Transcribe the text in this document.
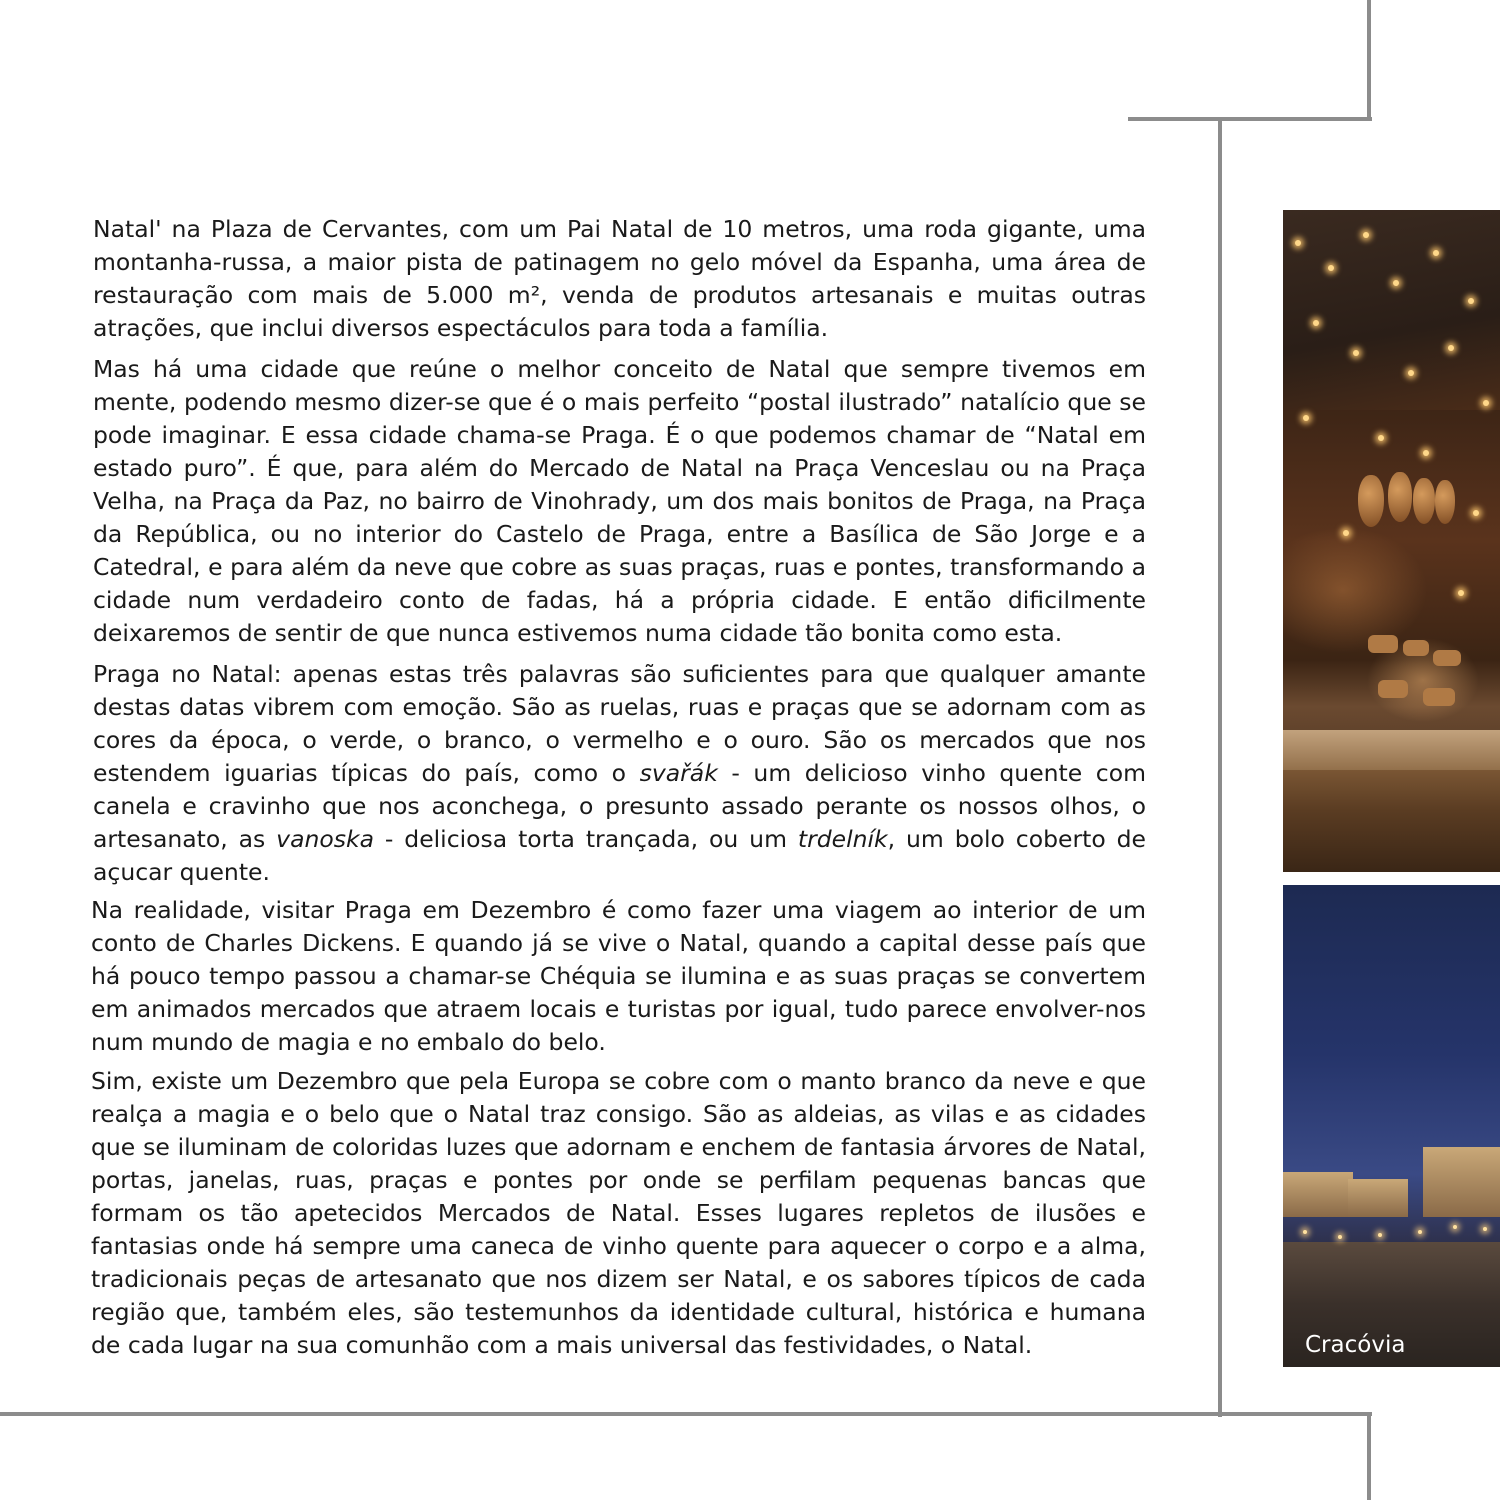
Natal' na Plaza de Cervantes, com um Pai Natal de 10 metros, uma roda gigante, uma montanha-russa, a maior pista de patinagem no gelo móvel da Espanha, uma área de restauração com mais de 5.000 m², venda de produtos artesanais e muitas outras atrações, que inclui diversos espectáculos para toda a família.

Mas há uma cidade que reúne o melhor conceito de Natal que sempre tivemos em mente, podendo mesmo dizer-se que é o mais perfeito “postal ilustrado” natalício que se pode imaginar. E essa cidade chama-se Praga. É o que podemos chamar de “Natal em estado puro”. É que, para além do Mercado de Natal na Praça Venceslau ou na Praça Velha, na Praça da Paz, no bairro de Vinohrady, um dos mais bonitos de Praga, na Praça da República, ou no interior do Castelo de Praga, entre a Basílica de São Jorge e a Catedral, e para além da neve que cobre as suas praças, ruas e pontes, transformando a cidade num verdadeiro conto de fadas, há a própria cidade. E então dificilmente deixaremos de sentir de que nunca estivemos numa cidade tão bonita como esta.

Praga no Natal: apenas estas três palavras são suficientes para que qualquer amante destas datas vibrem com emoção. São as ruelas, ruas e praças que se adornam com as cores da época, o verde, o branco, o vermelho e o ouro. São os mercados que nos estendem iguarias típicas do país, como o svařák - um delicioso vinho quente com canela e cravinho que nos aconchega, o presunto assado perante os nossos olhos, o artesanato, as vanoska - deliciosa torta trançada, ou um trdelník, um bolo coberto de açucar quente.

Na realidade, visitar Praga em Dezembro é como fazer uma viagem ao interior de um conto de Charles Dickens. E quando já se vive o Natal, quando a capital desse país que há pouco tempo passou a chamar-se Chéquia se ilumina e as suas praças se convertem em animados mercados que atraem locais e turistas por igual, tudo parece envolver-nos num mundo de magia e no embalo do belo.

Sim, existe um Dezembro que pela Europa se cobre com o manto branco da neve e que realça a magia e o belo que o Natal traz consigo. São as aldeias, as vilas e as cidades que se iluminam de coloridas luzes que adornam e enchem de fantasia árvores de Natal, portas, janelas, ruas, praças e pontes por onde se perfilam pequenas bancas que formam os tão apetecidos Mercados de Natal. Esses lugares repletos de ilusões e fantasias onde há sempre uma caneca de vinho quente para aquecer o corpo e a alma, tradicionais peças de artesanato que nos dizem ser Natal, e os sabores típicos de cada região que, também eles, são testemunhos da identidade cultural, histórica e humana de cada lugar na sua comunhão com a mais universal das festividades, o Natal.	Cracóvia
